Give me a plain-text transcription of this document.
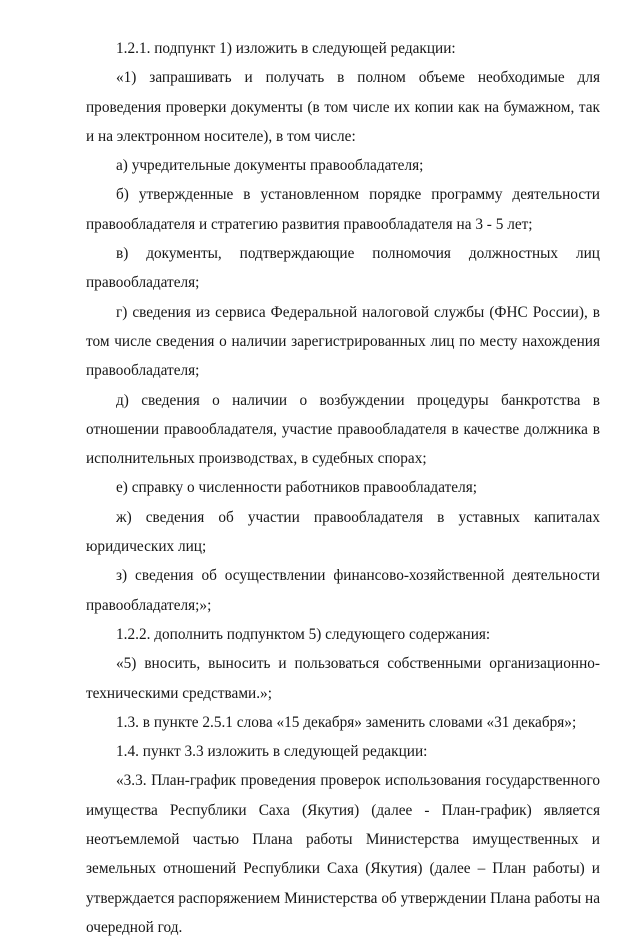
1.2.1. подпункт 1) изложить в следующей редакции:

«1) запрашивать и получать в полном объеме необходимые для проведения проверки документы (в том числе их копии как на бумажном, так и на электронном носителе), в том числе:

а) учредительные документы правообладателя;

б) утвержденные в установленном порядке программу деятельности правообладателя и стратегию развития правообладателя на 3 - 5 лет;

в) документы, подтверждающие полномочия должностных лиц правообладателя;

г) сведения из сервиса Федеральной налоговой службы (ФНС России), в том числе сведения о наличии зарегистрированных лиц по месту нахождения правообладателя;

д) сведения о наличии о возбуждении процедуры банкротства в отношении правообладателя, участие правообладателя в качестве должника в исполнительных производствах, в судебных спорах;

е) справку о численности работников правообладателя;

ж) сведения об участии правообладателя в уставных капиталах юридических лиц;

з) сведения об осуществлении финансово-хозяйственной деятельности правообладателя;»;

1.2.2. дополнить подпунктом 5) следующего содержания:

«5) вносить, выносить и пользоваться собственными организационно-техническими средствами.»;

1.3. в пункте 2.5.1 слова «15 декабря» заменить словами «31 декабря»;

1.4. пункт 3.3 изложить в следующей редакции:

«3.3. План-график проведения проверок использования государственного имущества Республики Саха (Якутия) (далее - План-график) является неотъемлемой частью Плана работы Министерства имущественных и земельных отношений Республики Саха (Якутия) (далее – План работы) и утверждается распоряжением Министерства об утверждении Плана работы на очередной год.
